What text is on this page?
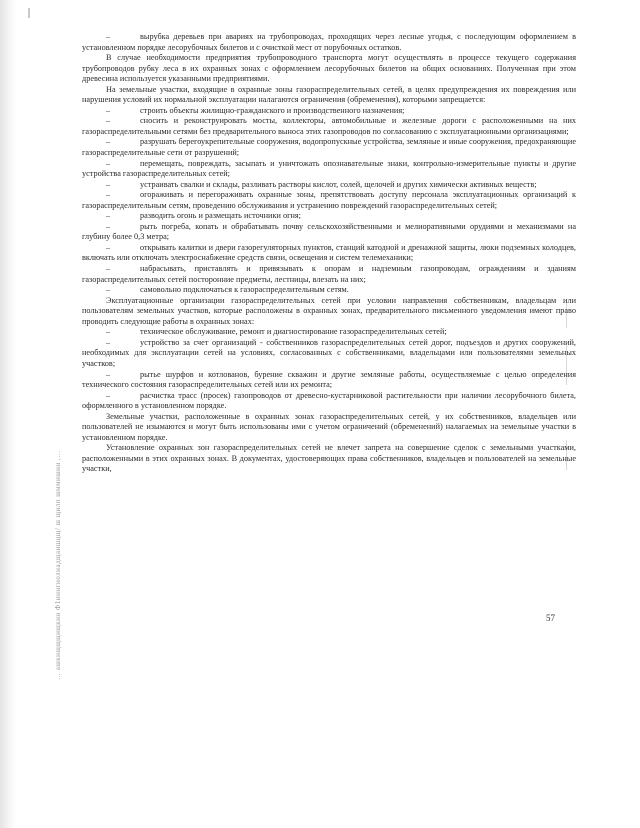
… ашкнщщщнщкнн Ф1иннгнолнадщаншцщ/ ш щилп шммишнн ,…

–	вырубка деревьев при авариях на трубопроводах, проходящих через лесные угодья, с последующим оформлением в установленном порядке лесорубочных билетов и с очисткой мест от порубочных остатков.

В случае необходимости предприятия трубопроводного транспорта могут осуществлять в процессе текущего содержания трубопроводов рубку леса в их охранных зонах с оформлением лесорубочных билетов на общих основаниях. Полученная при этом древесина используется указанными предприятиями.

На земельные участки, входящие в охранные зоны газораспределительных сетей, в целях предупреждения их повреждения или нарушения условий их нормальной эксплуатации налагаются ограничения (обременения), которыми запрещается:

–	строить объекты жилищно-гражданского и производственного назначения;

–	сносить и реконструировать мосты, коллекторы, автомобильные и железные дороги с расположенными на них газораспределительными сетями без предварительного выноса этих газопроводов по согласованию с эксплуатационными организациями;

–	разрушать берегоукрепительные сооружения, водопропускные устройства, земляные и иные сооружения, предохраняющие газораспределительные сети от разрушений;

–	перемещать, повреждать, засыпать и уничтожать опознавательные знаки, контрольно-измерительные пункты и другие устройства газораспределительных сетей;

–	устраивать свалки и склады, разливать растворы кислот, солей, щелочей и других химически активных веществ;

–	огораживать и перегораживать охранные зоны, препятствовать доступу персонала эксплуатационных организаций к газораспределительным сетям, проведению обслуживания и устранению повреждений газораспределительных сетей;

–	разводить огонь и размещать источники огня;

–	рыть погреба, копать и обрабатывать почву сельскохозяйственными и мелиоративными орудиями и механизмами на глубину более 0,3 метра;

–	открывать калитки и двери газорегуляторных пунктов, станций катодной и дренажной защиты, люки подземных колодцев, включать или отключать электроснабжение средств связи, освещения и систем телемеханики;

–	набрасывать, приставлять и привязывать к опорам и надземным газопроводам, ограждениям и зданиям газораспределительных сетей посторонние предметы, лестницы, влезать на них;

–	самовольно подключаться к газораспределительным сетям.

Эксплуатационные организации газораспределительных сетей при условии направления собственникам, владельцам или пользователям земельных участков, которые расположены в охранных зонах, предварительного письменного уведомления имеют право проводить следующие работы в охранных зонах:

–	техническое обслуживание, ремонт и диагностирование газораспределительных сетей;

–	устройство за счет организаций - собственников газораспределительных сетей дорог, подъездов и других сооружений, необходимых для эксплуатации сетей на условиях, согласованных с собственниками, владельцами или пользователями земельных участков;

–	рытье шурфов и котлованов, бурение скважин и другие земляные работы, осуществляемые с целью определения технического состояния газораспределительных сетей или их ремонта;

–	расчистка трасс (просек) газопроводов от древесно-кустарниковой растительности при наличии лесорубочного билета, оформленного в установленном порядке.

Земельные участки, расположенные в охранных зонах газораспределительных сетей, у их собственников, владельцев или пользователей не изымаются и могут быть использованы ими с учетом ограничений (обременений) налагаемых на земельные участки в установленном порядке.

Установление охранных зон газораспределительных сетей не влечет запрета на совершение сделок с земельными участками, расположенными в этих охранных зонах. В документах, удостоверяющих права собственников, владельцев и пользователей на земельные участки,

57
